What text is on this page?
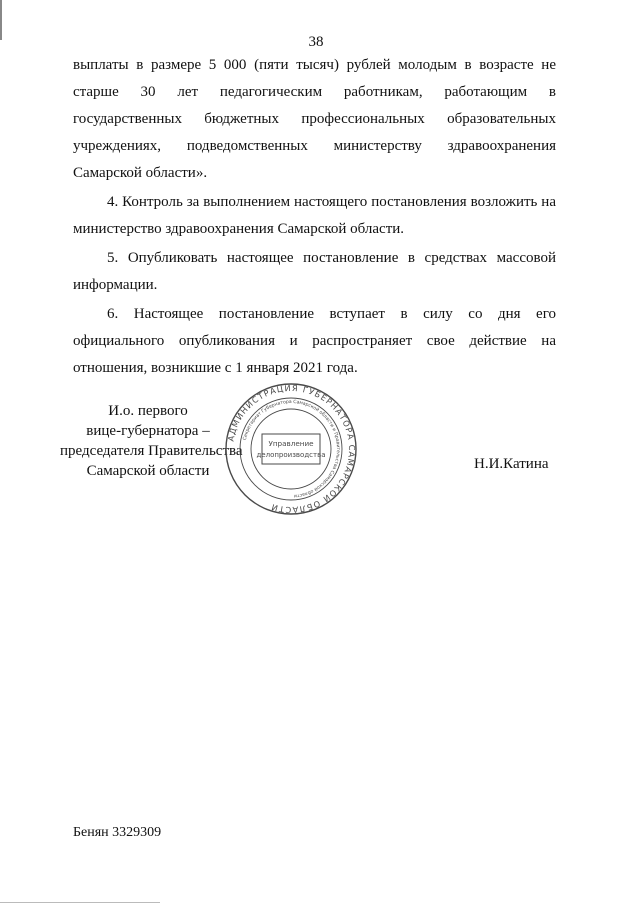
38

выплаты в размере 5 000 (пяти тысяч) рублей молодым в возрасте не старше 30 лет педагогическим работникам, работающим в государственных бюджетных профессиональных образовательных учреждениях, подведомственных министерству здравоохранения Самарской области».

4. Контроль за выполнением настоящего постановления возложить на министерство здравоохранения Самарской области.

5. Опубликовать настоящее постановление в средствах массовой информации.

6. Настоящее постановление вступает в силу со дня его официального опубликования и распространяет свое действие на отношения, возникшие с 1 января 2021 года.

И.о. первого
вице-губернатора –
председателя Правительства
Самарской области
АДМИНИСТРАЦИЯ ГУБЕРНАТОРА САМАРСКОЙ ОБЛАСТИ
Секретариат Губернатора Самарской области и Правительства Самарской области
Управление
делопроизводства
Н.И.Катина
Бенян 3329309
